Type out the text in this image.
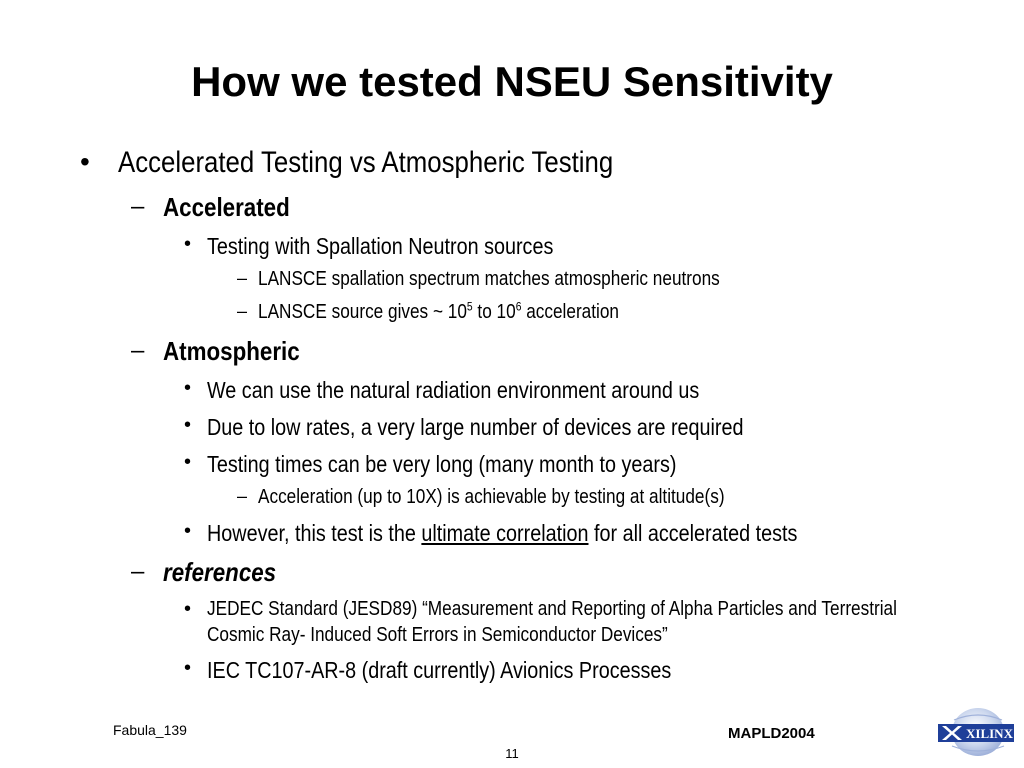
How we tested NSEU Sensitivity
• Accelerated Testing vs Atmospheric Testing
– Accelerated
• Testing with Spallation Neutron sources
– LANSCE spallation spectrum matches atmospheric neutrons
– LANSCE source gives ~ $10^5$ to $10^6$ acceleration
– Atmospheric
• We can use the natural radiation environment around us
• Due to low rates, a very large number of devices are required
• Testing times can be very long (many month to years)
– Acceleration (up to 10X) is achievable by testing at altitude(s)
• However, this test is the ultimate correlation for all accelerated tests
– references
• JEDEC Standard (JESD89) “Measurement and Reporting of Alpha Particles and Terrestrial
Cosmic Ray- Induced Soft Errors in Semiconductor Devices”
• IEC TC107-AR-8 (draft currently) Avionics Processes
Fabula_139
11
MAPLD2004	XILINX
